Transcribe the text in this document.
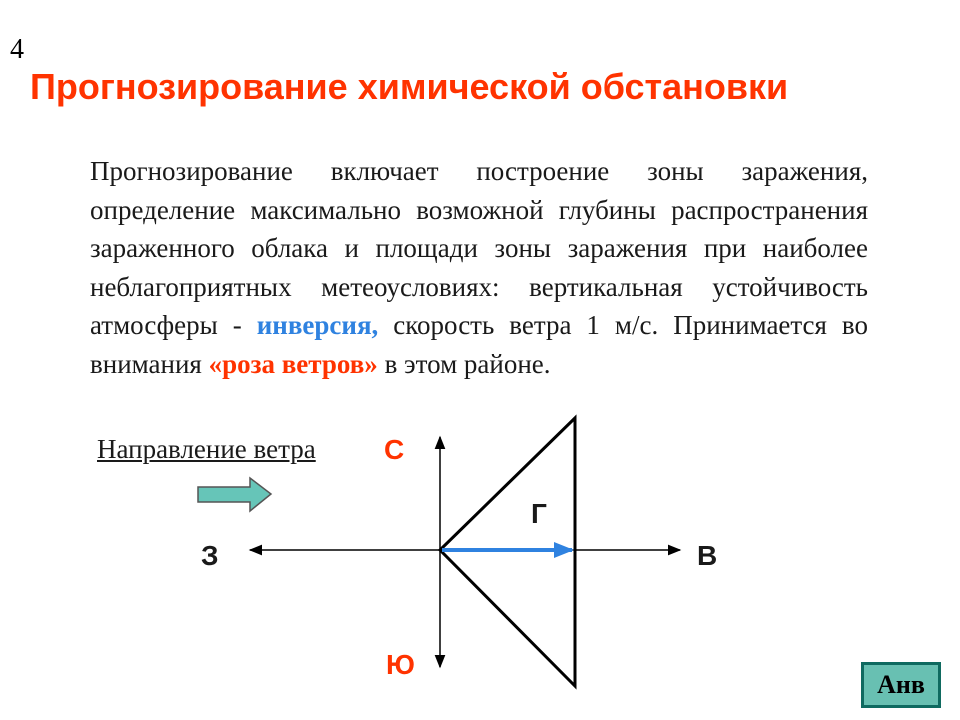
4
Прогнозирование химической обстановки
Прогнозирование включает построение зоны заражения, определение максимально возможной глубины распространения зараженного облака и площади зоны заражения при наиболее неблагоприятных метеоусловиях: вертикальная устойчивость атмосферы - инверсия, скорость ветра 1 м/с. Принимается во внимания «роза ветров» в этом районе.
Направление ветра С
З	В
Ю
Г
Анв
